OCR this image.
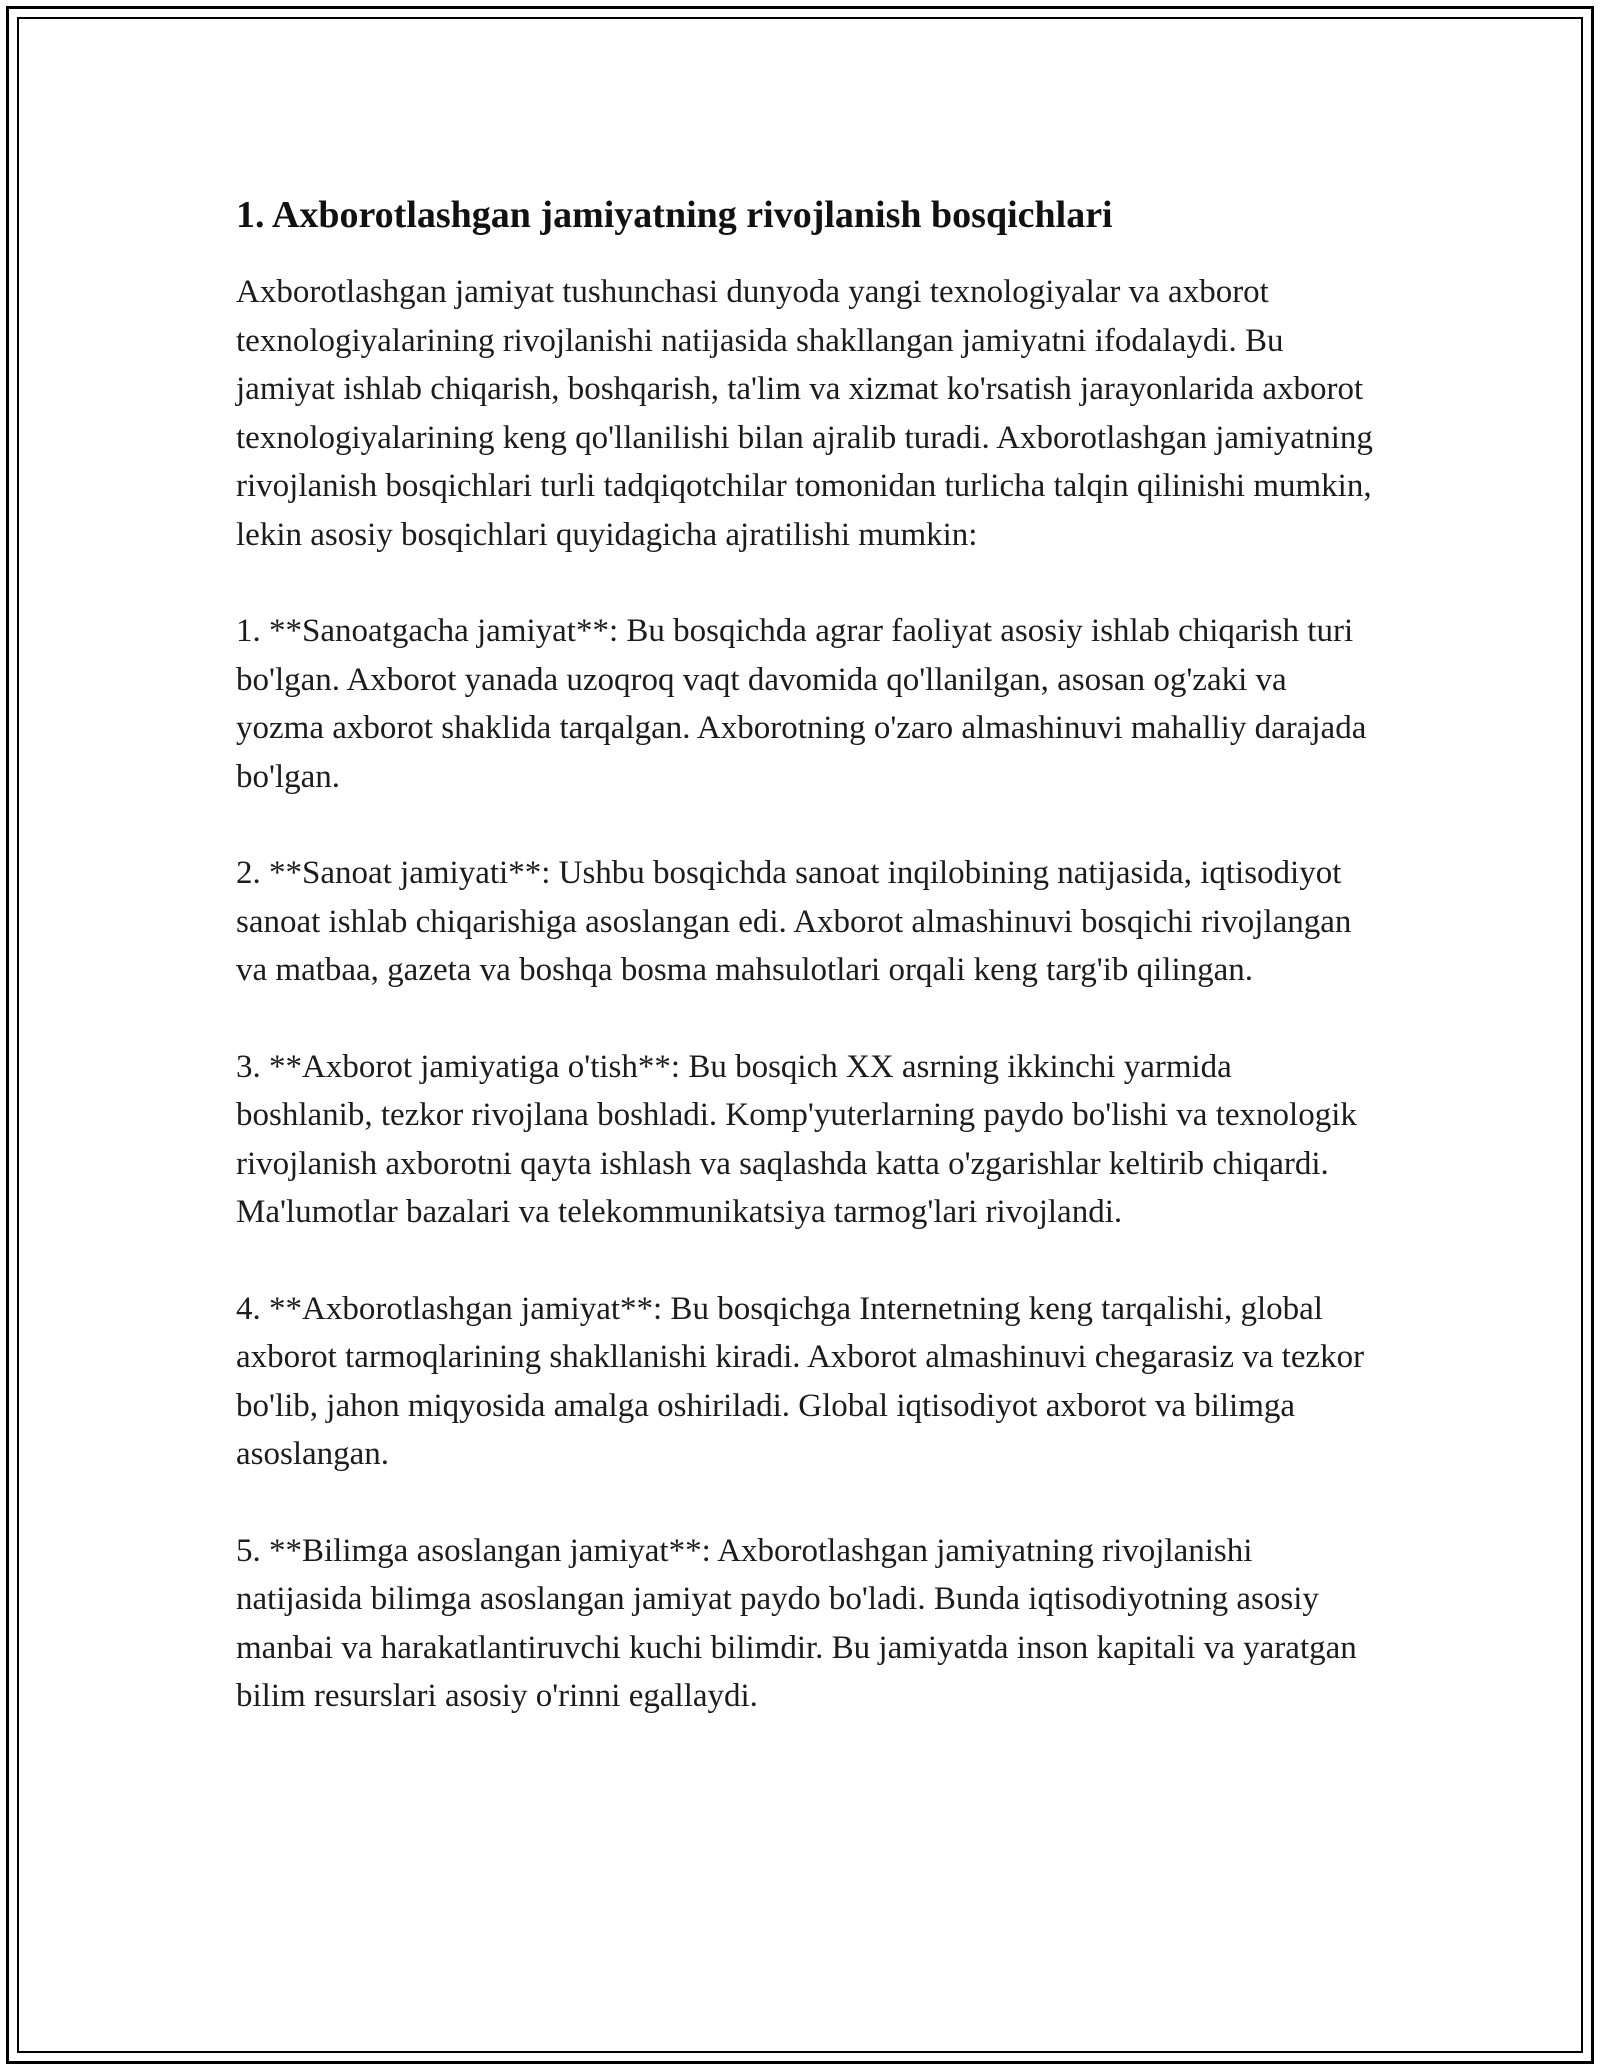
1. Axborotlashgan jamiyatning rivojlanish bosqichlari

Axborotlashgan jamiyat tushunchasi dunyoda yangi texnologiyalar va axborot texnologiyalarining rivojlanishi natijasida shakllangan jamiyatni ifodalaydi. Bu jamiyat ishlab chiqarish, boshqarish, ta'lim va xizmat ko'rsatish jarayonlarida axborot texnologiyalarining keng qo'llanilishi bilan ajralib turadi. Axborotlashgan jamiyatning rivojlanish bosqichlari turli tadqiqotchilar tomonidan turlicha talqin qilinishi mumkin, lekin asosiy bosqichlari quyidagicha ajratilishi mumkin:

1. **Sanoatgacha jamiyat**: Bu bosqichda agrar faoliyat asosiy ishlab chiqarish turi bo'lgan. Axborot yanada uzoqroq vaqt davomida qo'llanilgan, asosan og'zaki va yozma axborot shaklida tarqalgan. Axborotning o'zaro almashinuvi mahalliy darajada bo'lgan.

2. **Sanoat jamiyati**: Ushbu bosqichda sanoat inqilobining natijasida, iqtisodiyot sanoat ishlab chiqarishiga asoslangan edi. Axborot almashinuvi bosqichi rivojlangan va matbaa, gazeta va boshqa bosma mahsulotlari orqali keng targ'ib qilingan.

3. **Axborot jamiyatiga o'tish**: Bu bosqich XX asrning ikkinchi yarmida boshlanib, tezkor rivojlana boshladi. Komp'yuterlarning paydo bo'lishi va texnologik rivojlanish axborotni qayta ishlash va saqlashda katta o'zgarishlar keltirib chiqardi. Ma'lumotlar bazalari va telekommunikatsiya tarmog'lari rivojlandi.

4. **Axborotlashgan jamiyat**: Bu bosqichga Internetning keng tarqalishi, global axborot tarmoqlarining shakllanishi kiradi. Axborot almashinuvi chegarasiz va tezkor bo'lib, jahon miqyosida amalga oshiriladi. Global iqtisodiyot axborot va bilimga asoslangan.

5. **Bilimga asoslangan jamiyat**: Axborotlashgan jamiyatning rivojlanishi natijasida bilimga asoslangan jamiyat paydo bo'ladi. Bunda iqtisodiyotning asosiy manbai va harakatlantiruvchi kuchi bilimdir. Bu jamiyatda inson kapitali va yaratgan bilim resurslari asosiy o'rinni egallaydi.
